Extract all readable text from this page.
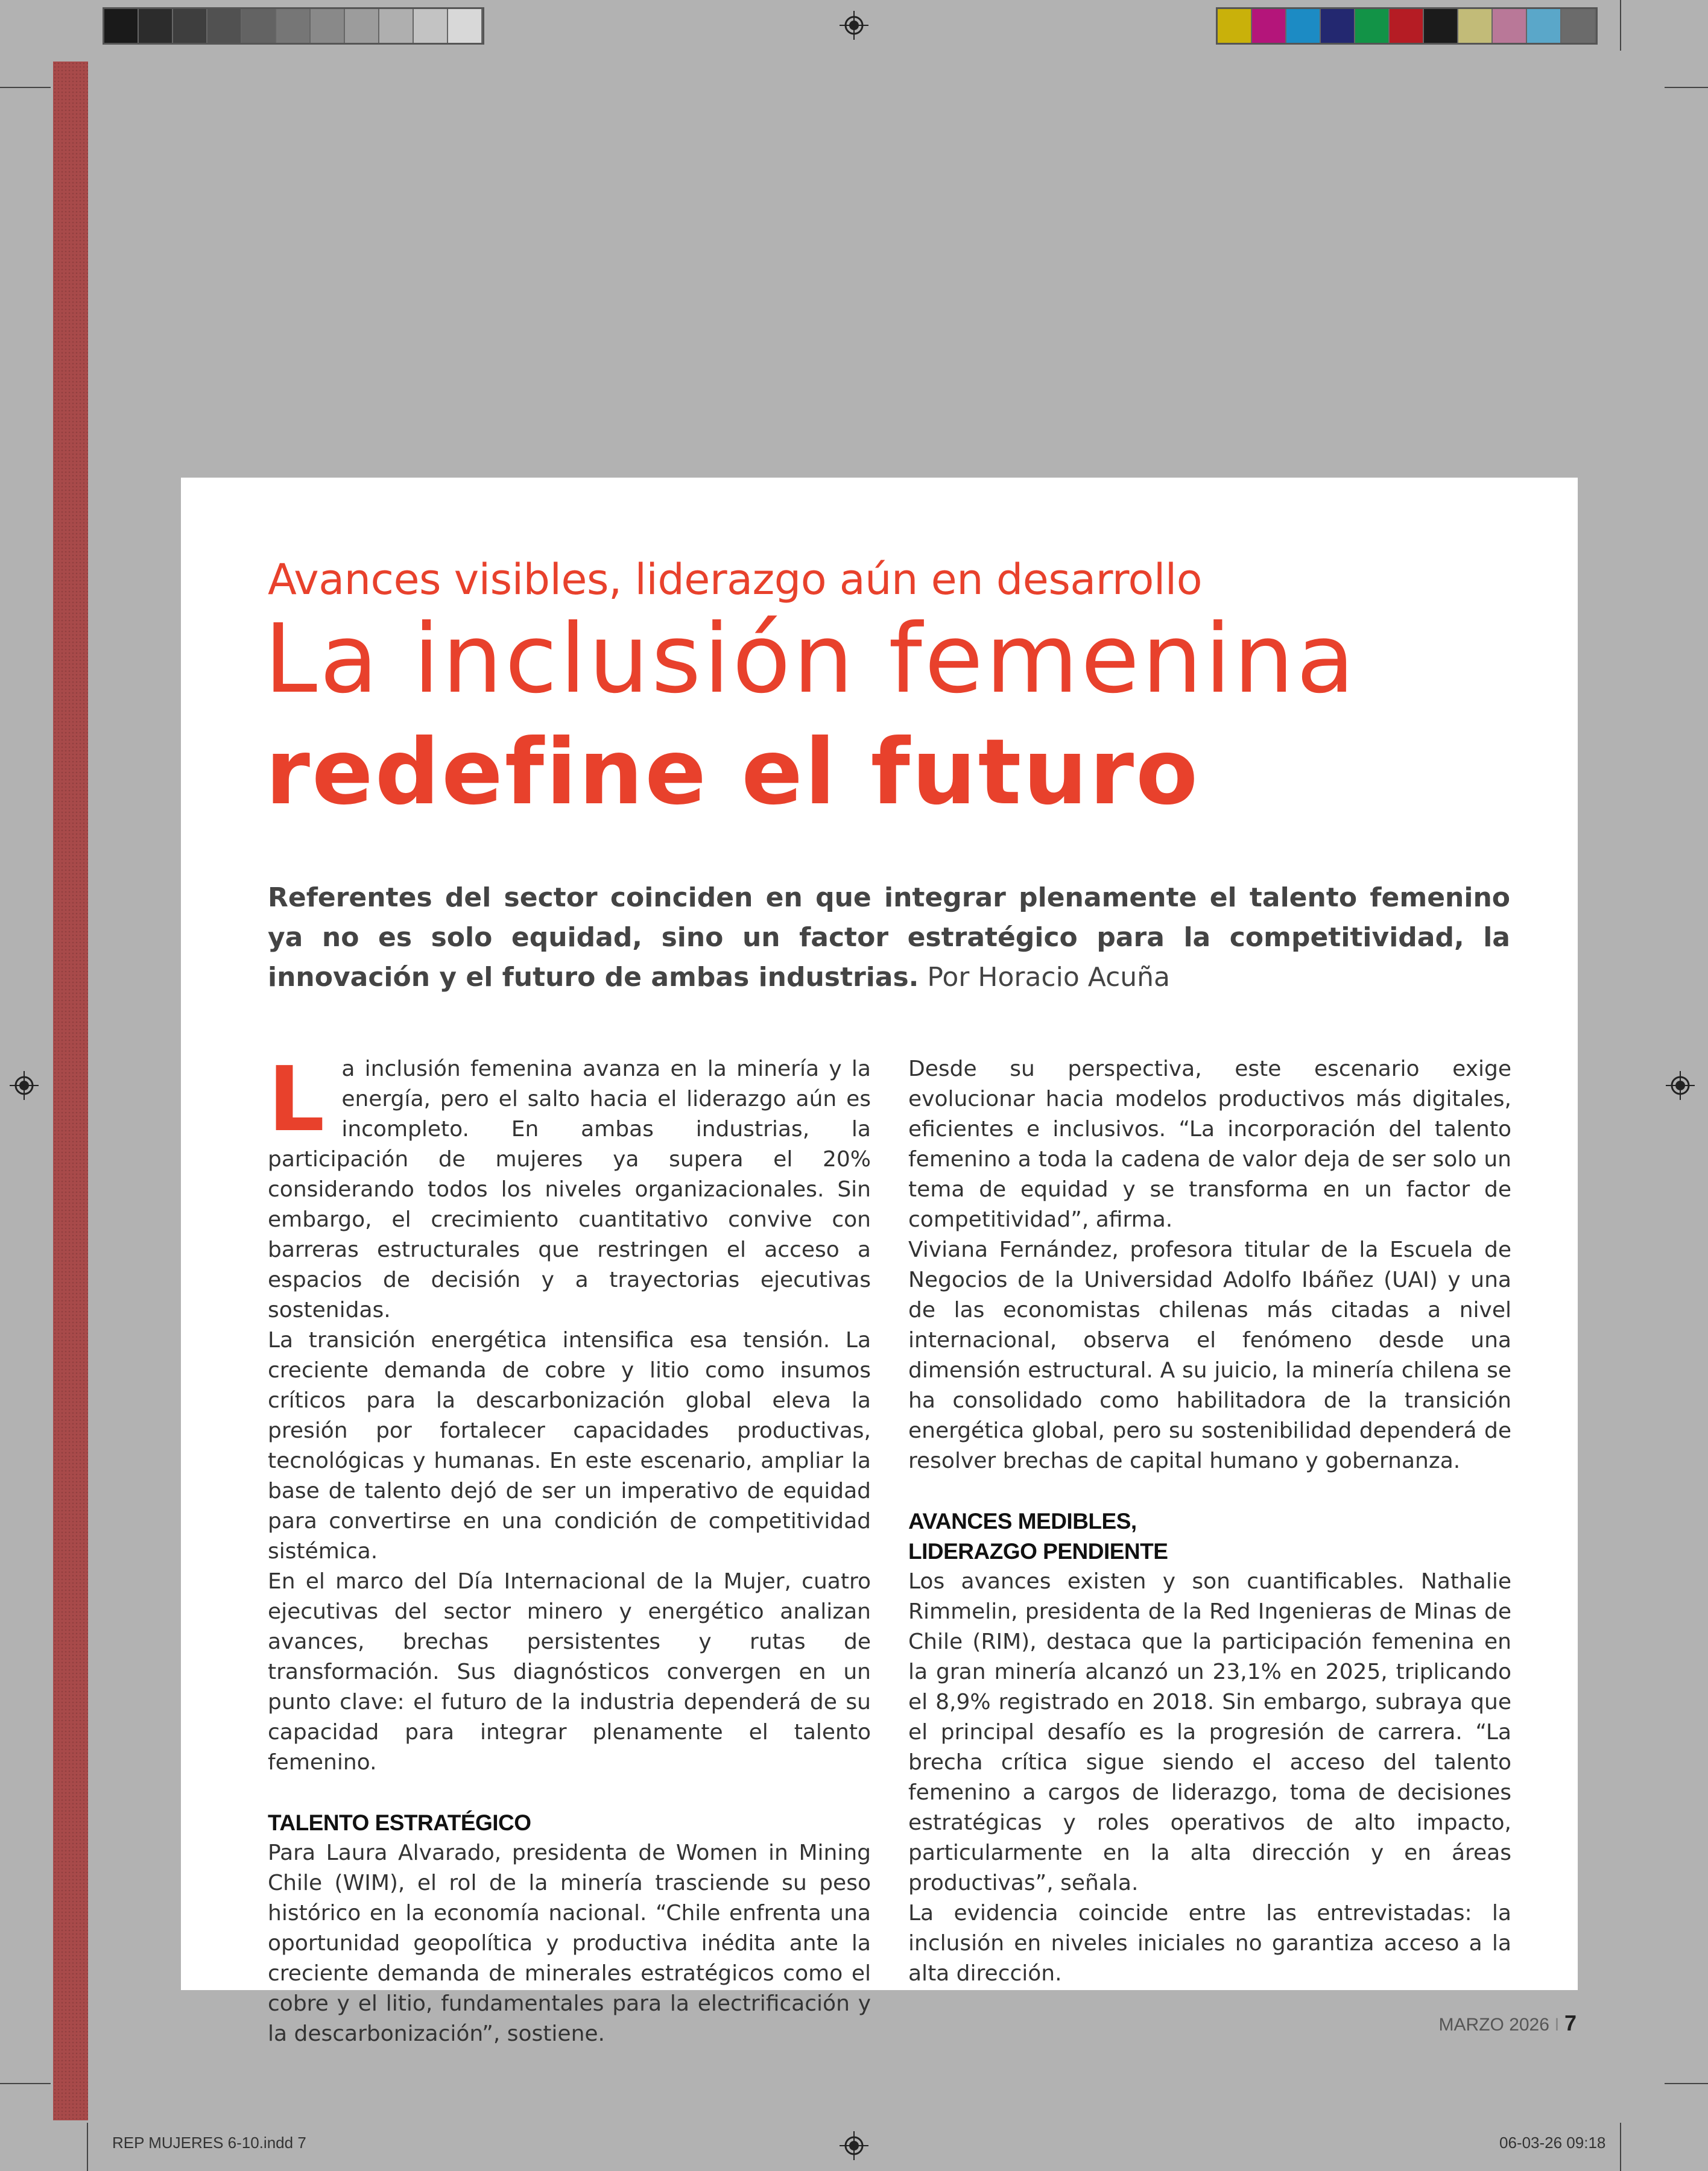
Avances visibles, liderazgo aún en desarrollo
La inclusión femenina
redefine el futuro
Referentes del sector coinciden en que integrar plenamente el talento femenino ya no es solo equidad, sino un factor estratégico para la competitividad, la innovación y el futuro de ambas industrias. Por Horacio Acuña
L a inclusión femenina avanza en la minería y la energía, pero el salto hacia el liderazgo aún es incompleto. En ambas industrias, la participación de mujeres ya supera el 20% considerando todos los niveles organizacionales. Sin embargo, el crecimiento cuantitativo convive con barreras estructurales que restringen el acceso a espacios de decisión y a trayectorias ejecutivas sostenidas.

La transición energética intensifica esa tensión. La creciente demanda de cobre y litio como insumos críticos para la descarbonización global eleva la presión por fortalecer capacidades productivas, tecnológicas y humanas. En este escenario, ampliar la base de talento dejó de ser un imperativo de equidad para convertirse en una condición de competitividad sistémica.

En el marco del Día Internacional de la Mujer, cuatro ejecutivas del sector minero y energético analizan avances, brechas persistentes y rutas de transformación. Sus diagnósticos convergen en un punto clave: el futuro de la industria dependerá de su capacidad para integrar plenamente el talento femenino.

TALENTO ESTRATÉGICO

Para Laura Alvarado, presidenta de Women in Mining Chile (WIM), el rol de la minería trasciende su peso histórico en la economía nacional. “Chile enfrenta una oportunidad geopolítica y productiva inédita ante la creciente demanda de minerales estratégicos como el cobre y el litio, fundamentales para la electrificación y la descarbonización”, sostiene.

Desde su perspectiva, este escenario exige evolucionar hacia modelos productivos más digitales, eficientes e inclusivos. “La incorporación del talento femenino a toda la cadena de valor deja de ser solo un tema de equidad y se transforma en un factor de competitividad”, afirma.

Viviana Fernández, profesora titular de la Escuela de Negocios de la Universidad Adolfo Ibáñez (UAI) y una de las economistas chilenas más citadas a nivel internacional, observa el fenómeno desde una dimensión estructural. A su juicio, la minería chilena se ha consolidado como habilitadora de la transición energética global, pero su sostenibilidad dependerá de resolver brechas de capital humano y gobernanza.

AVANCES MEDIBLES,
LIDERAZGO PENDIENTE

Los avances existen y son cuantificables. Nathalie Rimmelin, presidenta de la Red Ingenieras de Minas de Chile (RIM), destaca que la participación femenina en la gran minería alcanzó un 23,1% en 2025, triplicando el 8,9% registrado en 2018. Sin embargo, subraya que el principal desafío es la progresión de carrera. “La brecha crítica sigue siendo el acceso del talento femenino a cargos de liderazgo, toma de decisiones estratégicas y roles operativos de alto impacto, particularmente en la alta dirección y en áreas productivas”, señala.

La evidencia coincide entre las entrevistadas: la inclusión en niveles iniciales no garantiza acceso a la alta dirección.

MARZO 2026 I 7
REP MUJERES 6-10.indd 7	06-03-26 09:18
